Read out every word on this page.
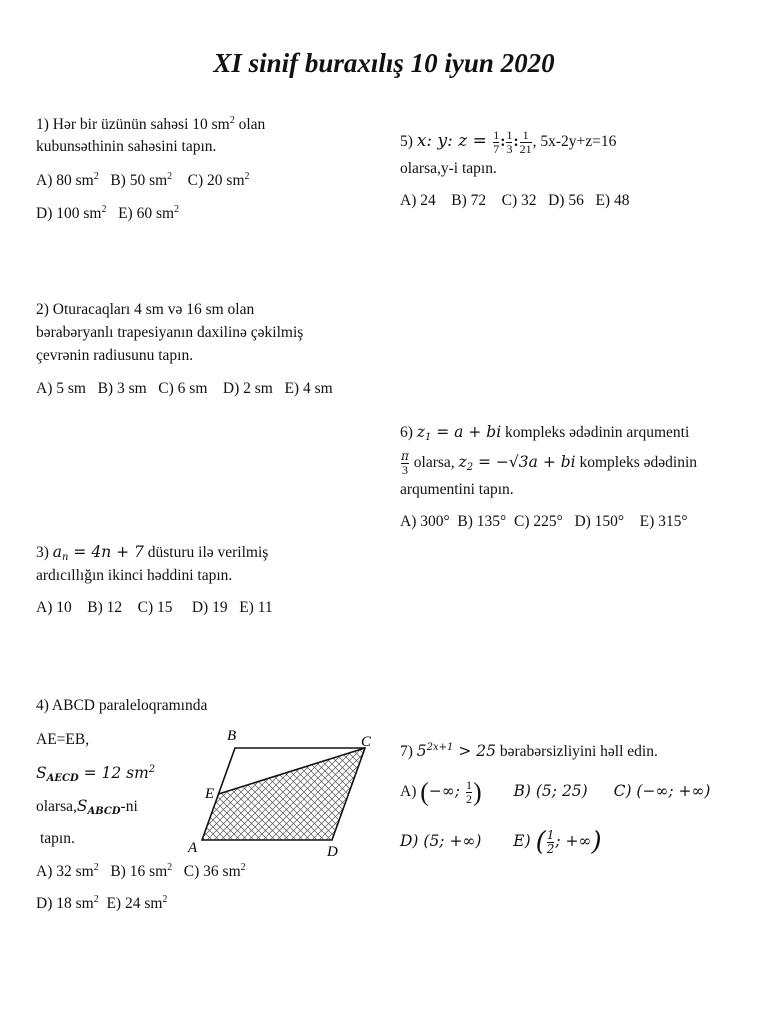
XI sinif buraxılış 10 iyun 2020
1) Hər bir üzünün sahəsi 10 $sm^2$ olan
kubunsəthinin sahəsini tapın.
A) 80 $sm^2$ B) 50 $sm^2$ C) 20 $sm^2$
D) 100 $sm^2$ E) 60 $sm^2$
2) Oturacaqları 4 sm və 16 sm olan
bərabəryanlı trapesiyanın daxilinə çəkilmiş
çevrənin radiusunu tapın.
A) 5 sm   B) 3 sm   C) 6 sm    D) 2 sm   E) 4 sm
3) $a_n = 4n + 7$ düsturu ilə verilmiş
ardıcıllığın ikinci həddini tapın.
A) 10    B) 12    C) 15     D) 19   E) 11
4) ABCD paraleloqramında
AE=EB,
$S_{AECD} = 12$ $sm^2$
$olarsa,S_{ABCD}-ni$
tapın.
A) 32 $sm^2$ B) 16 $sm^2$ C) 36 $sm^2$
D) 18 $sm^2$ E) 24 $sm^2$
A
B	C
D
E
5) x: y: $z = \frac{1}{7}$ : $\frac{1}{3}$ : $\frac{1}{21}$ , 5x-2y+z=16
olarsa,y-i tapın.
A) 24    B) 72    C) 32   D) 56   E) 48
6) $z_1 = a$ + bi kompleks ədədinin arqumenti
$\frac{\pi}{3}$ olarsa, $z_2 = -√3a$ + bi kompleks ədədinin
arqumentini tapın.
A) 300°  B) 135°  C) 225°   D) 150°    E) 315°
7) $5^{2x+1} > 25$ bərabərsizliyini həll edin.
A) (−∞; $\frac{1}{2}$ ) B) (5; 25) C) (−∞; +∞)
D) (5; +∞) E) ( $\frac{1}{2}$ ; +∞)
